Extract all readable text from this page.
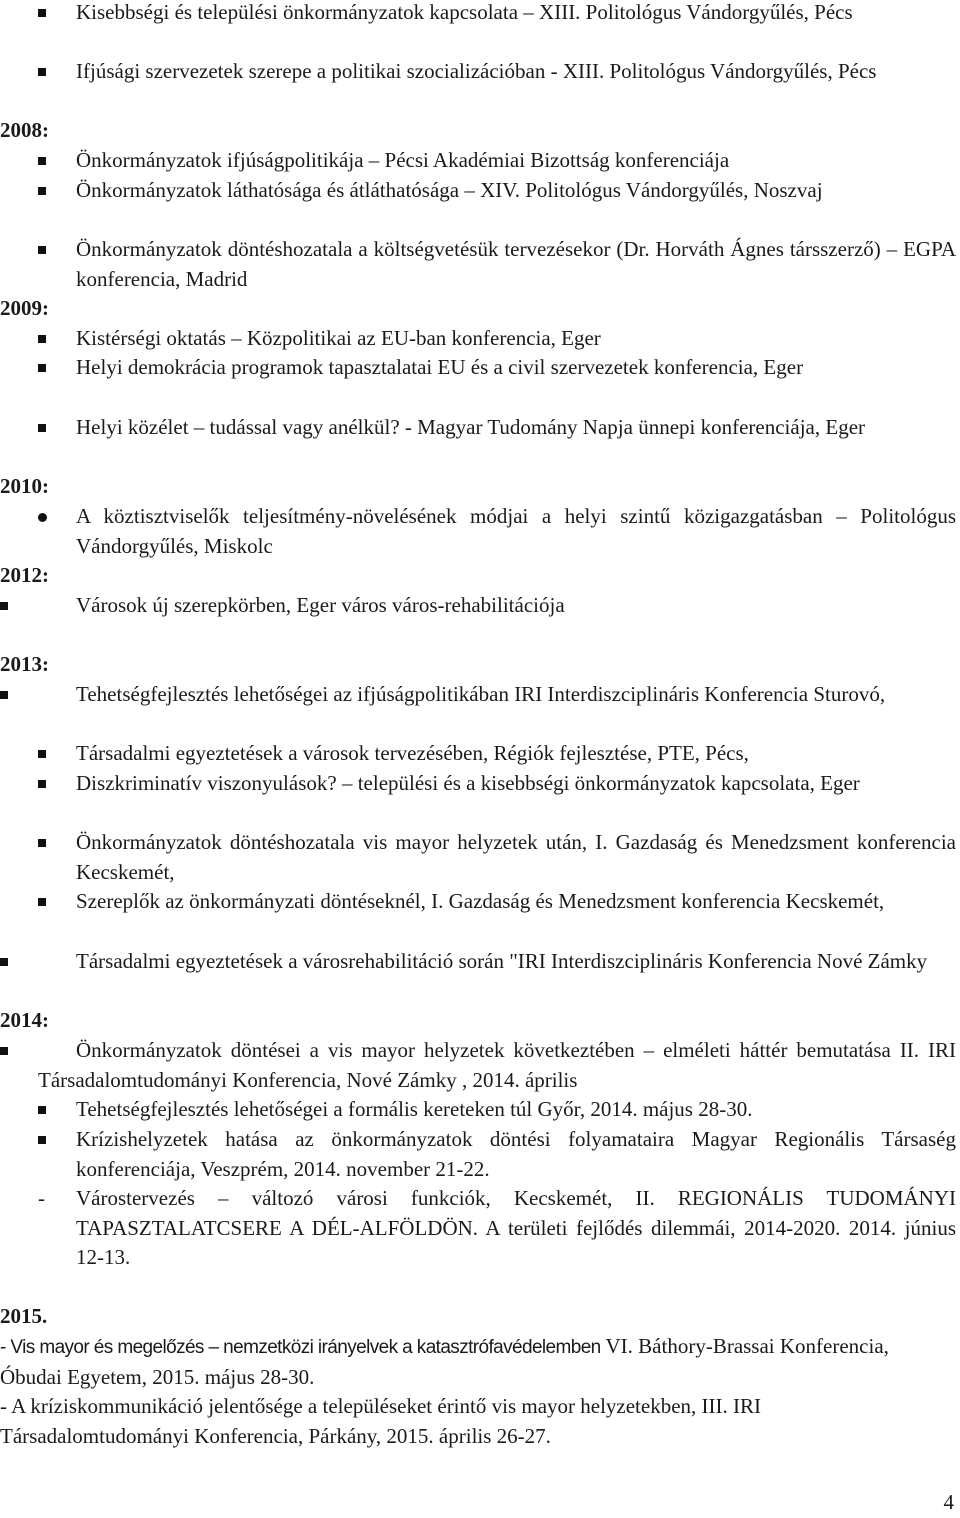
Kisebbségi és települési önkormányzatok kapcsolata – XIII. Politológus Vándorgyűlés, Pécs
Ifjúsági szervezetek szerepe a politikai szocializációban - XIII. Politológus Vándorgyűlés, Pécs
2008:
Önkormányzatok ifjúságpolitikája – Pécsi Akadémiai Bizottság konferenciája
Önkormányzatok láthatósága és átláthatósága – XIV. Politológus Vándorgyűlés, Noszvaj
Önkormányzatok döntéshozatala a költségvetésük tervezésekor (Dr. Horváth Ágnes társszerző) – EGPA konferencia, Madrid
2009:
Kistérségi oktatás – Közpolitikai az EU-ban konferencia, Eger
Helyi demokrácia programok tapasztalatai EU és a civil szervezetek konferencia, Eger
Helyi közélet – tudással vagy anélkül? - Magyar Tudomány Napja ünnepi konferenciája, Eger
2010:
A köztisztviselők teljesítmény-növelésének módjai a helyi szintű közigazgatásban – Politológus Vándorgyűlés, Miskolc
2012:
Városok új szerepkörben, Eger város város-rehabilitációja
2013:
Tehetségfejlesztés lehetőségei az ifjúságpolitikában IRI Interdiszciplináris Konferencia Sturovó,
Társadalmi egyeztetések a városok tervezésében, Régiók fejlesztése, PTE, Pécs,
Diszkriminatív viszonyulások? – települési és a kisebbségi önkormányzatok kapcsolata, Eger
Önkormányzatok döntéshozatala vis mayor helyzetek után, I. Gazdaság és Menedzsment konferencia Kecskemét,
Szereplők az önkormányzati döntéseknél, I. Gazdaság és Menedzsment konferencia Kecskemét,
Társadalmi egyeztetések a városrehabilitáció során "IRI Interdiszciplináris Konferencia Nové Zámky
2014:
Önkormányzatok döntései a vis mayor helyzetek következtében – elméleti háttér bemutatása II. IRI Társadalomtudományi Konferencia, Nové Zámky , 2014. április
Tehetségfejlesztés lehetőségei a formális kereteken túl Győr, 2014. május 28-30.
Krízishelyzetek hatása az önkormányzatok döntési folyamataira Magyar Regionális Társaség konferenciája, Veszprém, 2014. november 21-22.
- Várostervezés – változó városi funkciók, Kecskemét, II. REGIONÁLIS TUDOMÁNYI TAPASZTALATCSERE A DÉL-ALFÖLDÖN. A területi fejlődés dilemmái, 2014-2020. 2014. június 12-13.
2015.
- Vis mayor és megelőzés – nemzetközi irányelvek a katasztrófavédelemben VI. Báthory-Brassai Konferencia, Óbudai Egyetem, 2015. május 28-30.
- A kríziskommunikáció jelentősége a településeket érintő vis mayor helyzetekben, III. IRI Társadalomtudományi Konferencia, Párkány, 2015. április 26-27.
4
